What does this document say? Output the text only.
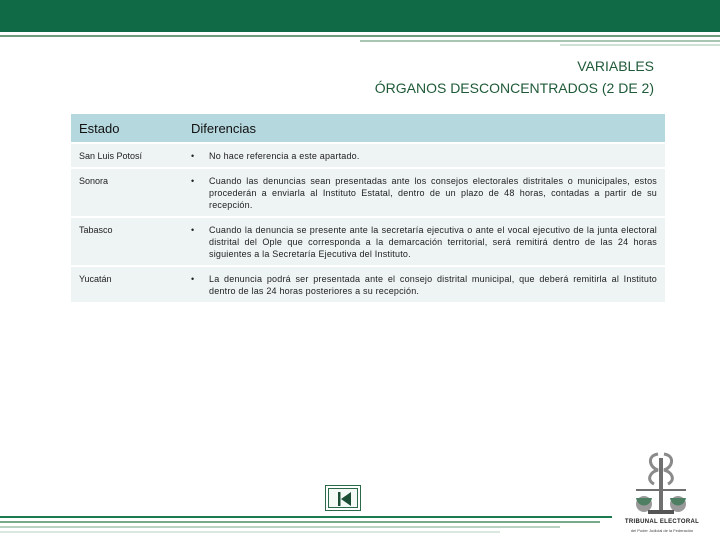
VARIABLES
ÓRGANOS DESCONCENTRADOS (2 DE 2)
Estado	Diferencias
San Luis Potosí	• No hace referencia a este apartado.

Sonora	• Cuando las denuncias sean presentadas ante los consejos electorales distritales o municipales, estos procederán a enviarla al Instituto Estatal, dentro de un plazo de 48 horas, contadas a partir de su recepción.

Tabasco	• Cuando la denuncia se presente ante la secretaría ejecutiva o ante el vocal ejecutivo de la junta electoral distrital del Ople que corresponda a la demarcación territorial, será remitirá dentro de las 24 horas siguientes a la Secretaría Ejecutiva del Instituto.

Yucatán	• La denuncia podrá ser presentada ante el consejo distrital municipal, que deberá remitirla al Instituto dentro de las 24 horas posteriores a su recepción.
TRIBUNAL ELECTORAL
del Poder Judicial de la Federación
